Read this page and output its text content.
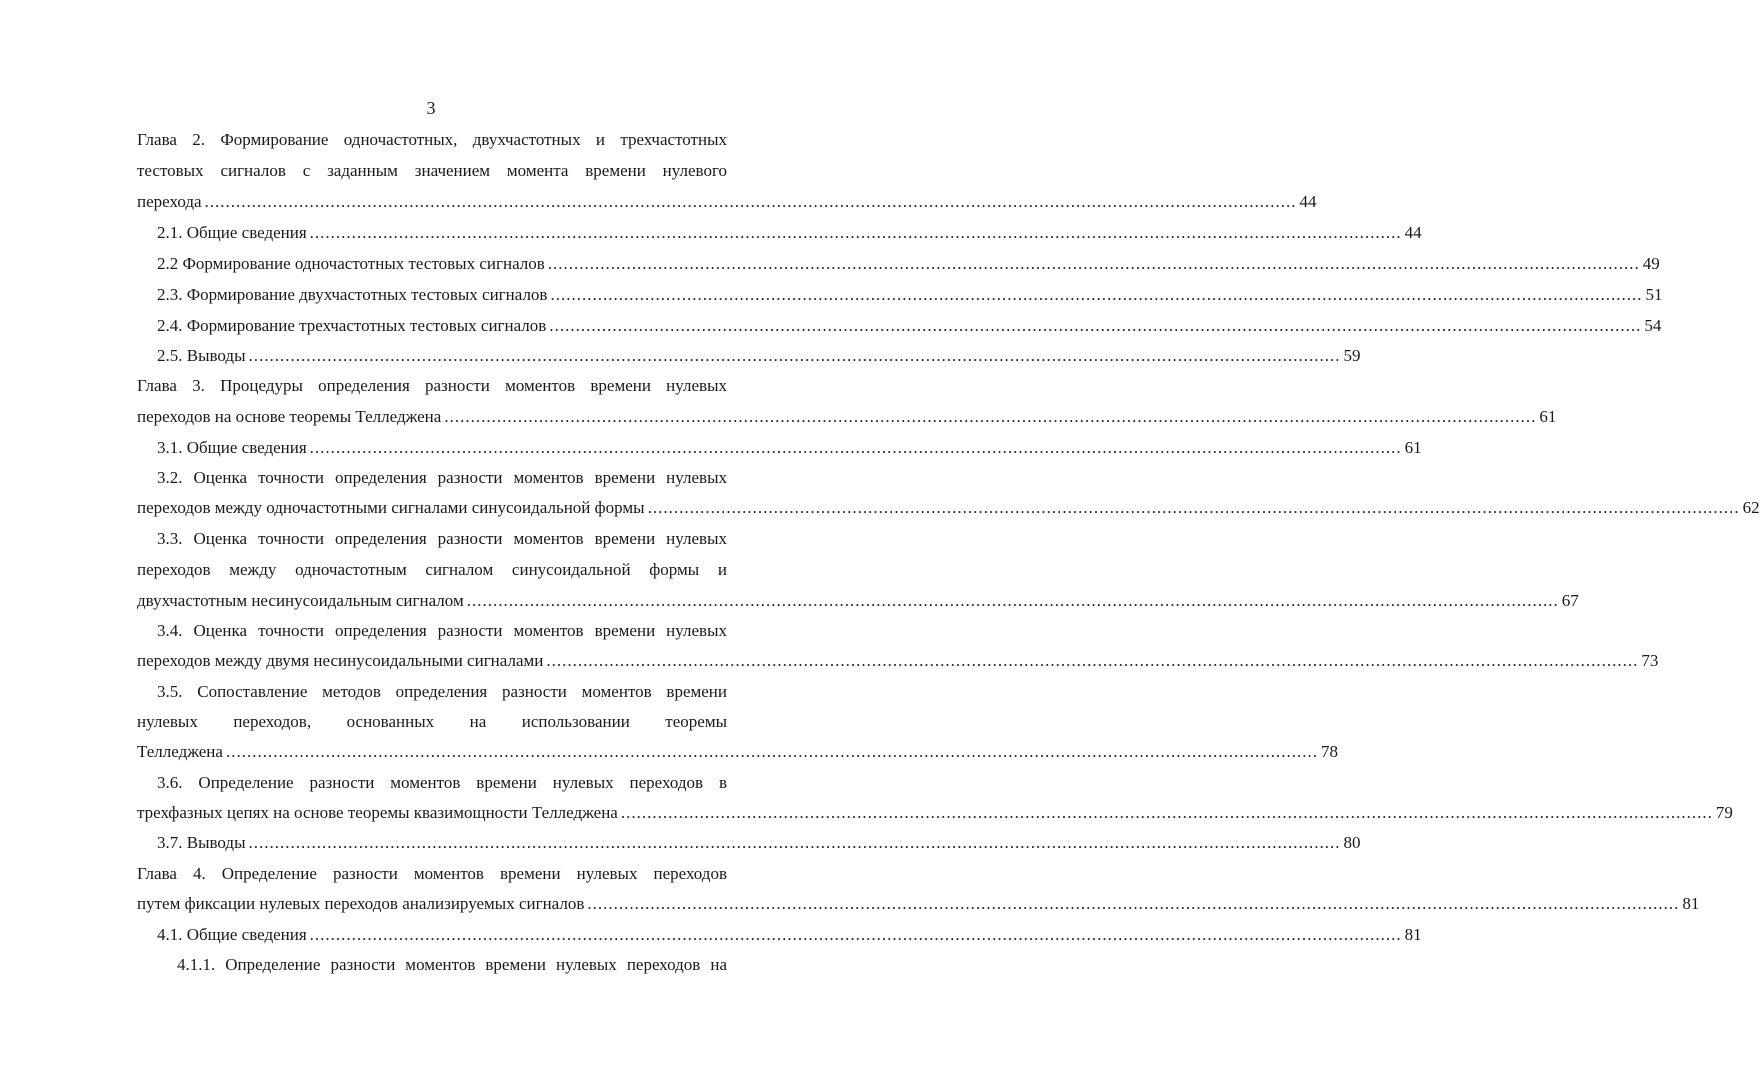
3
Глава 2. Формирование одночастотных, двухчастотных и трехчастотных
тестовых сигналов с заданным значением момента времени нулевого
перехода ................................................................................................................................................................................................................ 44
2.1. Общие сведения ................................................................................................................................................................................................................ 44
2.2 Формирование одночастотных тестовых сигналов ................................................................................................................................................................................................................ 49
2.3. Формирование двухчастотных тестовых сигналов ................................................................................................................................................................................................................ 51
2.4. Формирование трехчастотных тестовых сигналов ................................................................................................................................................................................................................ 54
2.5. Выводы ................................................................................................................................................................................................................ 59
Глава 3. Процедуры определения разности моментов времени нулевых
переходов на основе теоремы Телледжена ................................................................................................................................................................................................................ 61
3.1. Общие сведения ................................................................................................................................................................................................................ 61
3.2. Оценка точности определения разности моментов времени нулевых
переходов между одночастотными сигналами синусоидальной формы ................................................................................................................................................................................................................ 62
3.3. Оценка точности определения разности моментов времени нулевых
переходов между одночастотным сигналом синусоидальной формы и
двухчастотным несинусоидальным сигналом ................................................................................................................................................................................................................ 67
3.4. Оценка точности определения разности моментов времени нулевых
переходов между двумя несинусоидальными сигналами ................................................................................................................................................................................................................ 73
3.5. Сопоставление методов определения разности моментов времени
нулевых переходов, основанных на использовании теоремы
Телледжена ................................................................................................................................................................................................................ 78
3.6. Определение разности моментов времени нулевых переходов в
трехфазных цепях на основе теоремы квазимощности Телледжена ................................................................................................................................................................................................................ 79
3.7. Выводы ................................................................................................................................................................................................................ 80
Глава 4. Определение разности моментов времени нулевых переходов
путем фиксации нулевых переходов анализируемых сигналов ................................................................................................................................................................................................................ 81
4.1. Общие сведения ................................................................................................................................................................................................................ 81
4.1.1. Определение разности моментов времени нулевых переходов на
